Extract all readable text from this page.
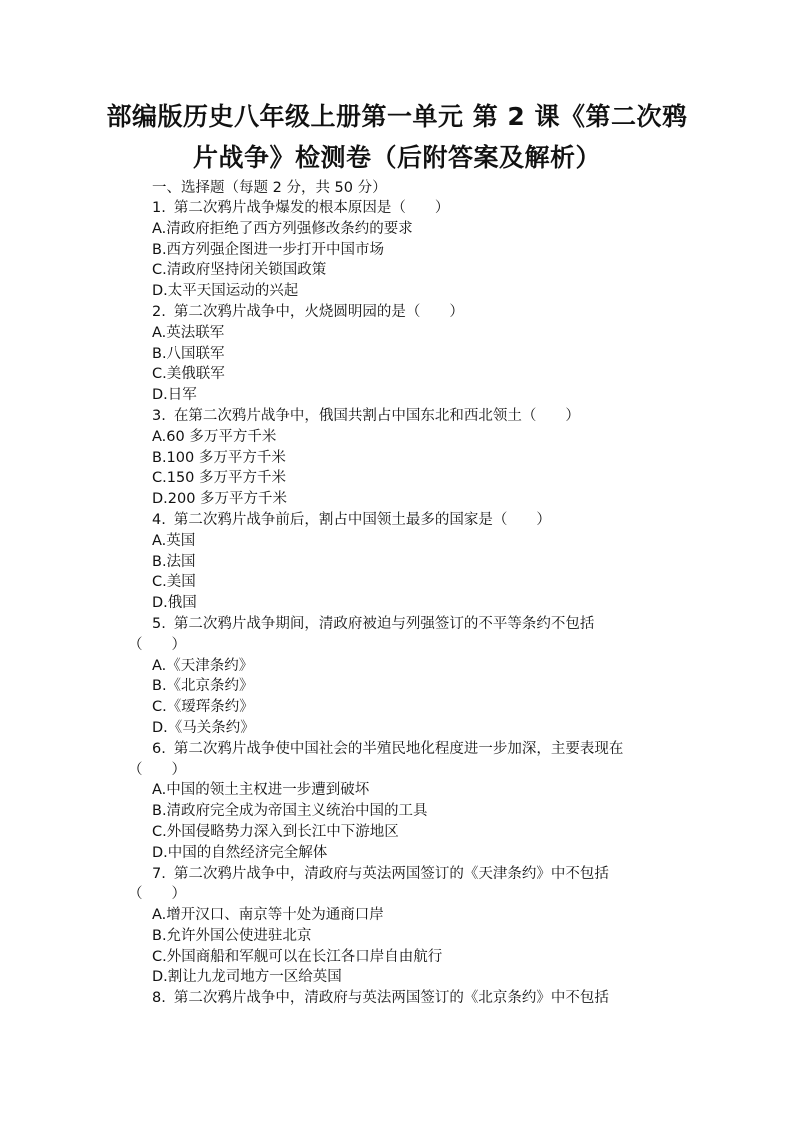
部编版历史八年级上册第一单元 第 2 课《第二次鸦
片战争》检测卷（后附答案及解析）
一、选择题（每题 2 分，共 50 分）
1. 第二次鸦片战争爆发的根本原因是（　　）
A.清政府拒绝了西方列强修改条约的要求
B.西方列强企图进一步打开中国市场
C.清政府坚持闭关锁国政策
D.太平天国运动的兴起
2. 第二次鸦片战争中，火烧圆明园的是（　　）
A.英法联军
B.八国联军
C.美俄联军
D.日军
3. 在第二次鸦片战争中，俄国共割占中国东北和西北领土（　　）
A.60 多万平方千米
B.100 多万平方千米
C.150 多万平方千米
D.200 多万平方千米
4. 第二次鸦片战争前后，割占中国领土最多的国家是（　　）
A.英国
B.法国
C.美国
D.俄国
5. 第二次鸦片战争期间，清政府被迫与列强签订的不平等条约不包括
（　　）
A.《天津条约》
B.《北京条约》
C.《瑷珲条约》
D.《马关条约》
6. 第二次鸦片战争使中国社会的半殖民地化程度进一步加深，主要表现在
（　　）
A.中国的领土主权进一步遭到破坏
B.清政府完全成为帝国主义统治中国的工具
C.外国侵略势力深入到长江中下游地区
D.中国的自然经济完全解体
7. 第二次鸦片战争中，清政府与英法两国签订的《天津条约》中不包括
（　　）
A.增开汉口、南京等十处为通商口岸
B.允许外国公使进驻北京
C.外国商船和军舰可以在长江各口岸自由航行
D.割让九龙司地方一区给英国
8. 第二次鸦片战争中，清政府与英法两国签订的《北京条约》中不包括
